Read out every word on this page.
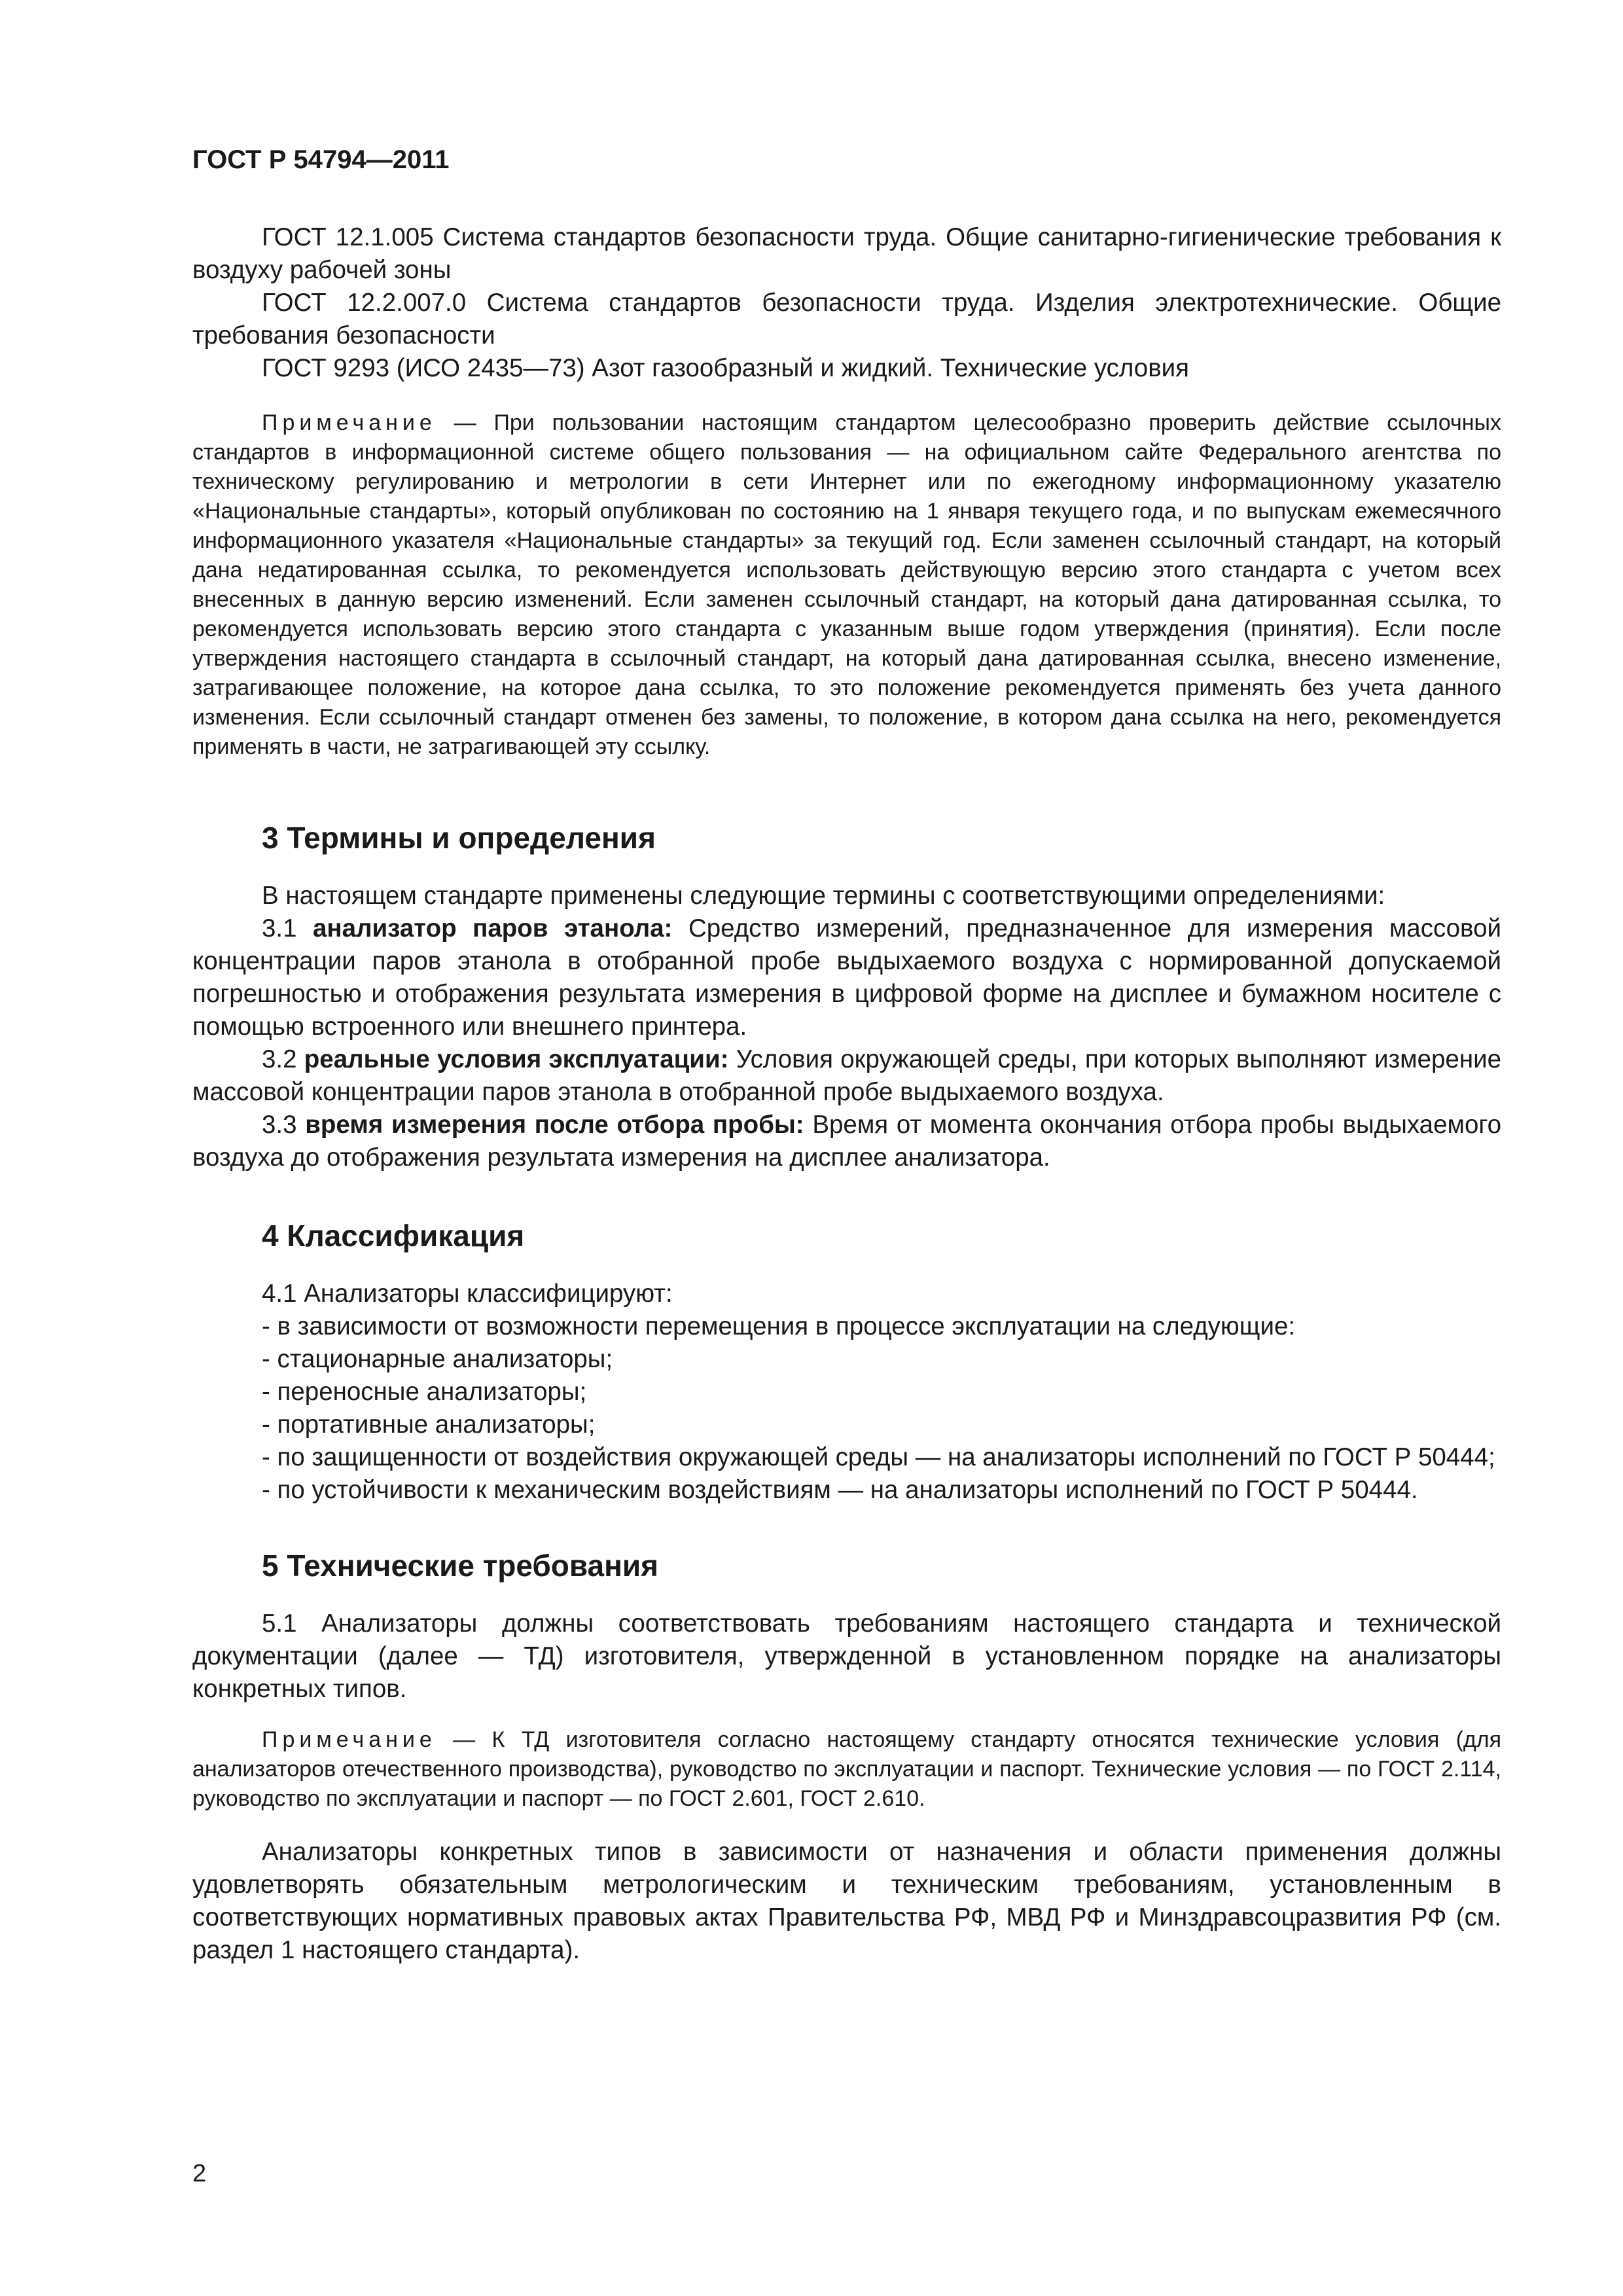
ГОСТ Р 54794—2011

ГОСТ 12.1.005 Система стандартов безопасности труда. Общие санитарно-гигиенические требования к воздуху рабочей зоны

ГОСТ 12.2.007.0 Система стандартов безопасности труда. Изделия электротехнические. Общие требования безопасности

ГОСТ 9293 (ИСО 2435—73) Азот газообразный и жидкий. Технические условия

Примечание — При пользовании настоящим стандартом целесообразно проверить действие ссылочных стандартов в информационной системе общего пользования — на официальном сайте Федерального агентства по техническому регулированию и метрологии в сети Интернет или по ежегодному информационному указателю «Национальные стандарты», который опубликован по состоянию на 1 января текущего года, и по выпускам ежемесячного информационного указателя «Национальные стандарты» за текущий год. Если заменен ссылочный стандарт, на который дана недатированная ссылка, то рекомендуется использовать действующую версию этого стандарта с учетом всех внесенных в данную версию изменений. Если заменен ссылочный стандарт, на который дана датированная ссылка, то рекомендуется использовать версию этого стандарта с указанным выше годом утверждения (принятия). Если после утверждения настоящего стандарта в ссылочный стандарт, на который дана датированная ссылка, внесено изменение, затрагивающее положение, на которое дана ссылка, то это положение рекомендуется применять без учета данного изменения. Если ссылочный стандарт отменен без замены, то положение, в котором дана ссылка на него, рекомендуется применять в части, не затрагивающей эту ссылку.

3 Термины и определения

В настоящем стандарте применены следующие термины с соответствующими определениями:

3.1 анализатор паров этанола: Средство измерений, предназначенное для измерения массовой концентрации паров этанола в отобранной пробе выдыхаемого воздуха с нормированной допускаемой погрешностью и отображения результата измерения в цифровой форме на дисплее и бумажном носителе с помощью встроенного или внешнего принтера.

3.2 реальные условия эксплуатации: Условия окружающей среды, при которых выполняют измерение массовой концентрации паров этанола в отобранной пробе выдыхаемого воздуха.

3.3 время измерения после отбора пробы: Время от момента окончания отбора пробы выдыхаемого воздуха до отображения результата измерения на дисплее анализатора.

4 Классификация

4.1 Анализаторы классифицируют:

- в зависимости от возможности перемещения в процессе эксплуатации на следующие:

- стационарные анализаторы;

- переносные анализаторы;

- портативные анализаторы;

- по защищенности от воздействия окружающей среды — на анализаторы исполнений по ГОСТ Р 50444;

- по устойчивости к механическим воздействиям — на анализаторы исполнений по ГОСТ Р 50444.

5 Технические требования

5.1 Анализаторы должны соответствовать требованиям настоящего стандарта и технической документации (далее — ТД) изготовителя, утвержденной в установленном порядке на анализаторы конкретных типов.

Примечание — К ТД изготовителя согласно настоящему стандарту относятся технические условия (для анализаторов отечественного производства), руководство по эксплуатации и паспорт. Технические условия — по ГОСТ 2.114, руководство по эксплуатации и паспорт — по ГОСТ 2.601, ГОСТ 2.610.

Анализаторы конкретных типов в зависимости от назначения и области применения должны удовлетворять обязательным метрологическим и техническим требованиям, установленным в соответствующих нормативных правовых актах Правительства РФ, МВД РФ и Минздравсоцразвития РФ (см. раздел 1 настоящего стандарта).

2
